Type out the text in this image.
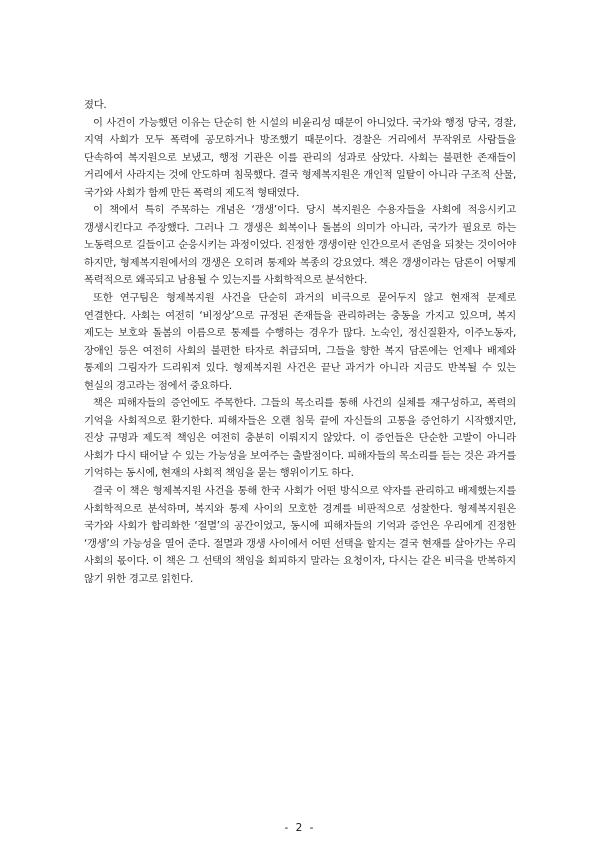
졌다.

이 사건이 가능했던 이유는 단순히 한 시설의 비윤리성 때문이 아니었다. 국가와 행정 당국, 경찰, 지역 사회가 모두 폭력에 공모하거나 방조했기 때문이다. 경찰은 거리에서 무작위로 사람들을 단속하여 복지원으로 보냈고, 행정 기관은 이를 관리의 성과로 삼았다. 사회는 불편한 존재들이 거리에서 사라지는 것에 안도하며 침묵했다. 결국 형제복지원은 개인적 일탈이 아니라 구조적 산물, 국가와 사회가 함께 만든 폭력의 제도적 형태였다.

이 책에서 특히 주목하는 개념은 ‘갱생’이다. 당시 복지원은 수용자들을 사회에 적응시키고 갱생시킨다고 주장했다. 그러나 그 갱생은 회복이나 돌봄의 의미가 아니라, 국가가 필요로 하는 노동력으로 길들이고 순응시키는 과정이었다. 진정한 갱생이란 인간으로서 존엄을 되찾는 것이어야 하지만, 형제복지원에서의 갱생은 오히려 통제와 복종의 강요였다. 책은 갱생이라는 담론이 어떻게 폭력적으로 왜곡되고 남용될 수 있는지를 사회학적으로 분석한다.

또한 연구팀은 형제복지원 사건을 단순히 과거의 비극으로 묻어두지 않고 현재적 문제로 연결한다. 사회는 여전히 ‘비정상’으로 규정된 존재들을 관리하려는 충동을 가지고 있으며, 복지 제도는 보호와 돌봄의 이름으로 통제를 수행하는 경우가 많다. 노숙인, 정신질환자, 이주노동자, 장애인 등은 여전히 사회의 불편한 타자로 취급되며, 그들을 향한 복지 담론에는 언제나 배제와 통제의 그림자가 드리워져 있다. 형제복지원 사건은 끝난 과거가 아니라 지금도 반복될 수 있는 현실의 경고라는 점에서 중요하다.

책은 피해자들의 증언에도 주목한다. 그들의 목소리를 통해 사건의 실체를 재구성하고, 폭력의 기억을 사회적으로 환기한다. 피해자들은 오랜 침묵 끝에 자신들의 고통을 증언하기 시작했지만, 진상 규명과 제도적 책임은 여전히 충분히 이뤄지지 않았다. 이 증언들은 단순한 고발이 아니라 사회가 다시 태어날 수 있는 가능성을 보여주는 출발점이다. 피해자들의 목소리를 듣는 것은 과거를 기억하는 동시에, 현재의 사회적 책임을 묻는 행위이기도 하다.

결국 이 책은 형제복지원 사건을 통해 한국 사회가 어떤 방식으로 약자를 관리하고 배제했는지를 사회학적으로 분석하며, 복지와 통제 사이의 모호한 경계를 비판적으로 성찰한다. 형제복지원은 국가와 사회가 합리화한 ‘절멸’의 공간이었고, 동시에 피해자들의 기억과 증언은 우리에게 진정한 ‘갱생’의 가능성을 열어 준다. 절멸과 갱생 사이에서 어떤 선택을 할지는 결국 현재를 살아가는 우리 사회의 몫이다. 이 책은 그 선택의 책임을 회피하지 말라는 요청이자, 다시는 같은 비극을 반복하지 않기 위한 경고로 읽힌다.

- 2 -
